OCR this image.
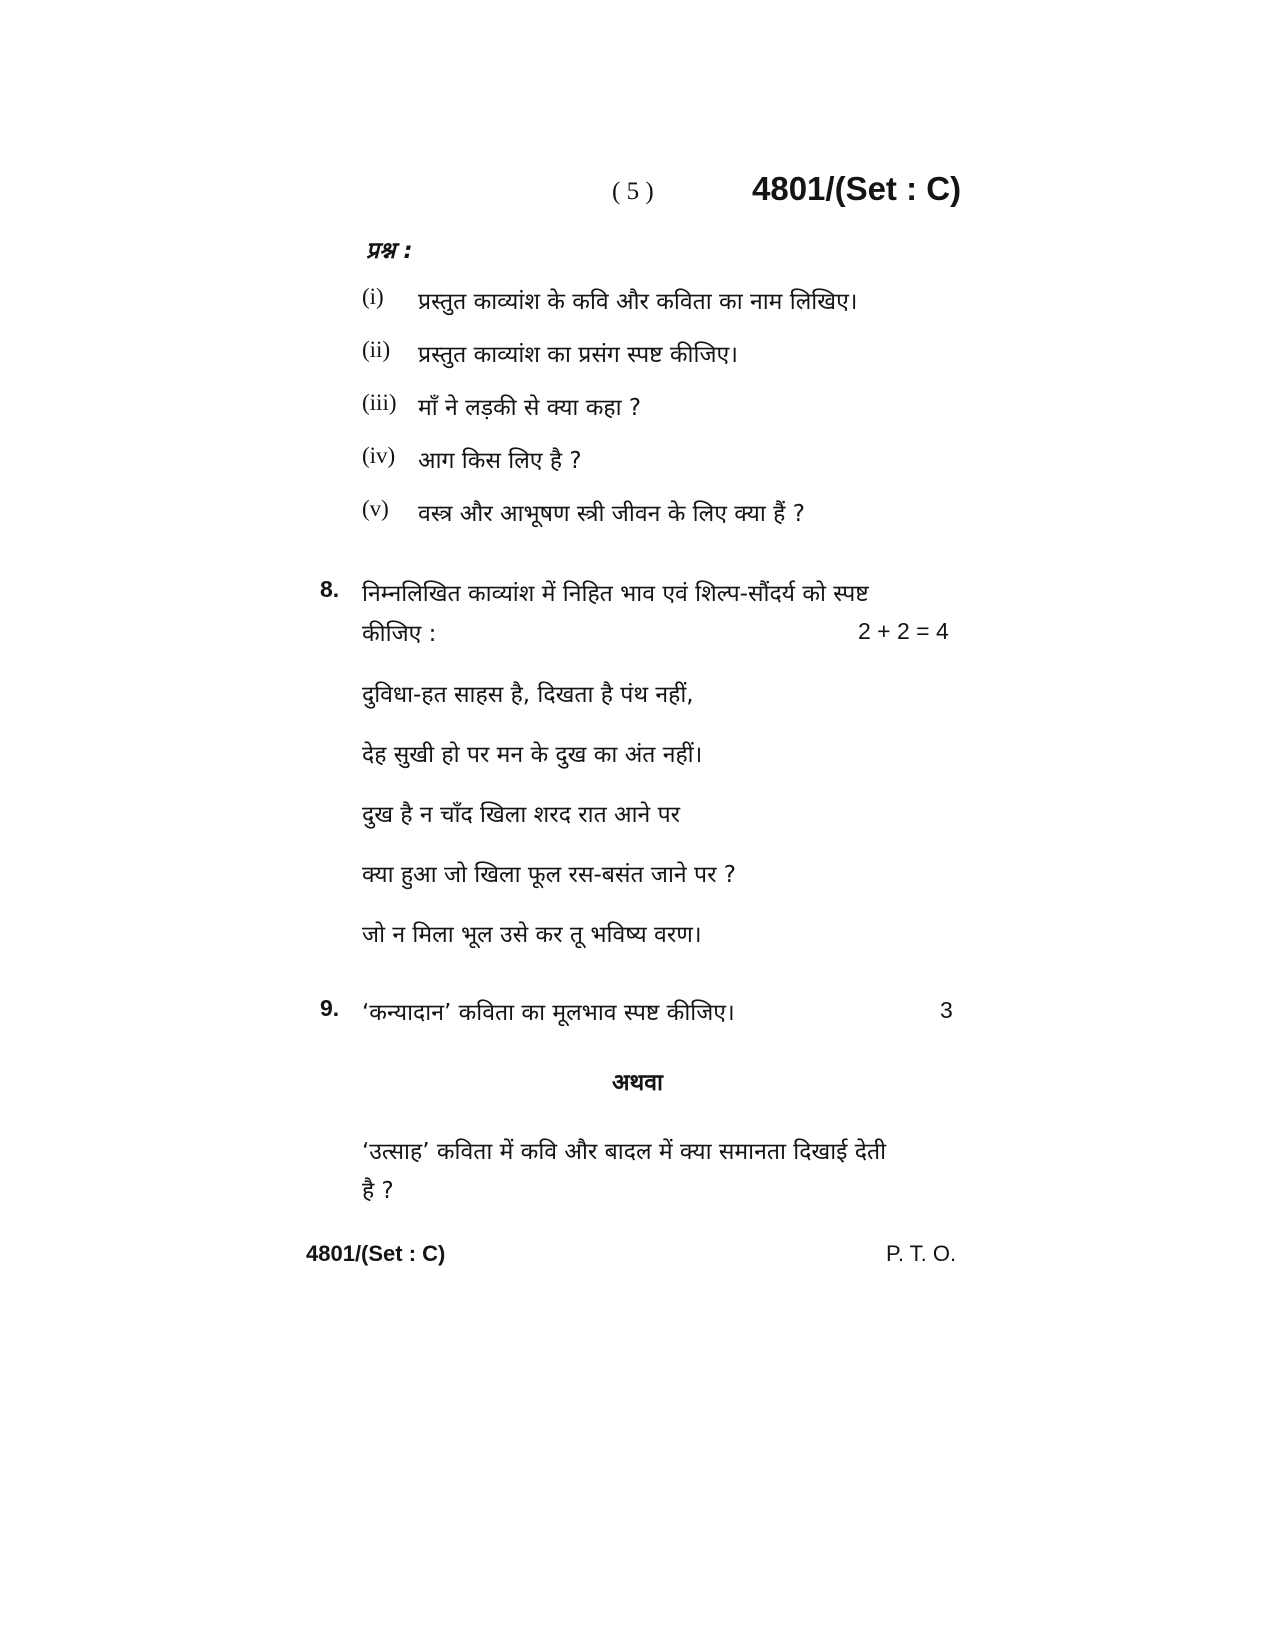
( 5 )	4801/(Set : C)
प्रश्न :
(i) प्रस्तुत काव्यांश के कवि और कविता का नाम लिखिए।
(ii) प्रस्तुत काव्यांश का प्रसंग स्पष्ट कीजिए।
(iii) माँ ने लड़की से क्या कहा ?
(iv) आग किस लिए है ?
(v) वस्त्र और आभूषण स्त्री जीवन के लिए क्या हैं ?
8. निम्नलिखित काव्यांश में निहित भाव एवं शिल्प-सौंदर्य को स्पष्ट
कीजिए :	2 + 2 = 4
दुविधा-हत साहस है, दिखता है पंथ नहीं,
देह सुखी हो पर मन के दुख का अंत नहीं।
दुख है न चाँद खिला शरद रात आने पर
क्या हुआ जो खिला फूल रस-बसंत जाने पर ?
जो न मिला भूल उसे कर तू भविष्य वरण।
9. ‘कन्यादान’ कविता का मूलभाव स्पष्ट कीजिए।	3
अथवा
‘उत्साह’ कविता में कवि और बादल में क्या समानता दिखाई देती
है ?
4801/(Set : C)	P. T. O.
